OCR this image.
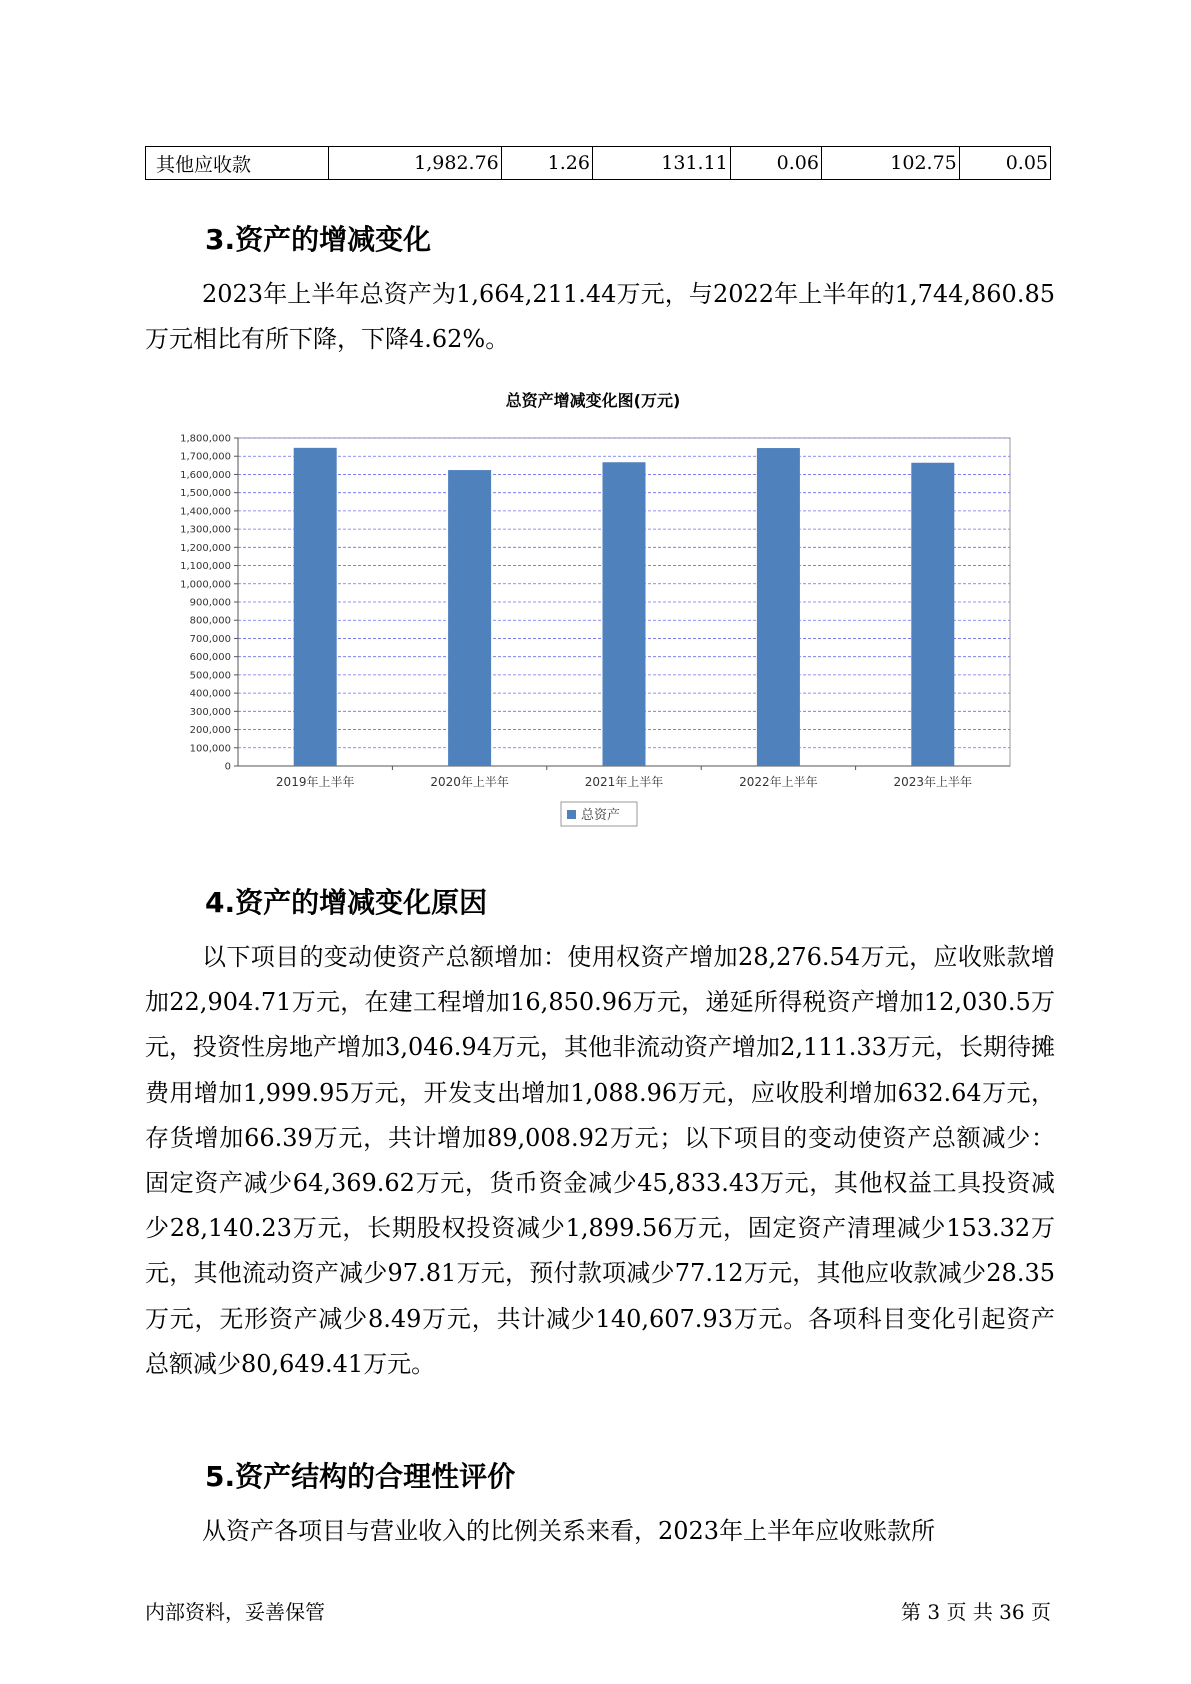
其他应收款	1,982.76	1.26	131.11	0.06	102.75	0.05
3.资产的增减变化
2023年上半年总资产为1,664,211.44万元，与2022年上半年的1,744,860.85万元相比有所下降，下降4.62%。
总资产增减变化图(万元)
0
100,000
200,000
300,000
400,000
500,000
600,000
700,000
800,000
900,000
1,000,000
1,100,000
1,200,000
1,300,000
1,400,000
1,500,000
1,600,000
1,700,000
1,800,000
2019年上半年	2020年上半年	2021年上半年	2022年上半年	2023年上半年
总资产
4.资产的增减变化原因
以下项目的变动使资产总额增加：使用权资产增加28,276.54万元，应收账款增加22,904.71万元，在建工程增加16,850.96万元，递延所得税资产增加12,030.5万元，投资性房地产增加3,046.94万元，其他非流动资产增加2,111.33万元，长期待摊费用增加1,999.95万元，开发支出增加1,088.96万元，应收股利增加632.64万元，存货增加66.39万元，共计增加89,008.92万元；以下项目的变动使资产总额减少：固定资产减少64,369.62万元，货币资金减少45,833.43万元，其他权益工具投资减少28,140.23万元，长期股权投资减少1,899.56万元，固定资产清理减少153.32万元，其他流动资产减少97.81万元，预付款项减少77.12万元，其他应收款减少28.35万元，无形资产减少8.49万元，共计减少140,607.93万元。各项科目变化引起资产总额减少80,649.41万元。
5.资产结构的合理性评价
从资产各项目与营业收入的比例关系来看，2023年上半年应收账款所
内部资料，妥善保管	第 3 页 共 36 页
